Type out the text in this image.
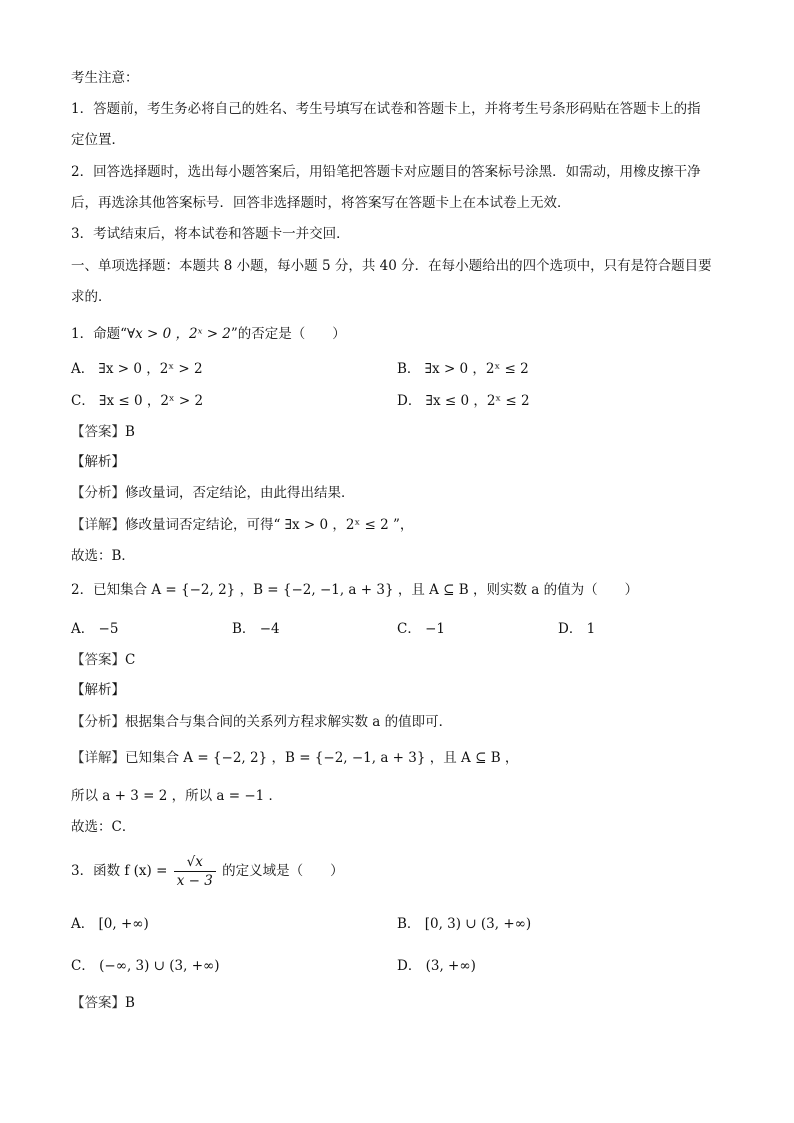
考生注意：
1．答题前，考生务必将自己的姓名、考生号填写在试卷和答题卡上，并将考生号条形码贴在答题卡上的指
定位置．
2．回答选择题时，选出每小题答案后，用铅笔把答题卡对应题目的答案标号涂黑．如需动，用橡皮擦干净
后，再选涂其他答案标号．回答非选择题时，将答案写在答题卡上在本试卷上无效．
3．考试结束后，将本试卷和答题卡一并交回．
一、单项选择题：本题共 8 小题，每小题 5 分，共 40 分．在每小题给出的四个选项中，只有是符合题目要
求的．
1．命题“∀x > 0 ，2ˣ > 2”的否定是（　　）
A． ∃x > 0 ，2ˣ > 2	B． ∃x > 0 ，2ˣ ≤ 2
C． ∃x ≤ 0 ，2ˣ > 2	D． ∃x ≤ 0 ，2ˣ ≤ 2
【答案】B
【解析】
【分析】修改量词，否定结论，由此得出结果．
【详解】修改量词否定结论，可得“ ∃x > 0 ，2ˣ ≤ 2 ”，
故选：B．
2．已知集合 A = {−2, 2} ，B = {−2, −1, a + 3} ，且 A ⊆ B ，则实数 a 的值为（　　）
A． −5	B． −4	C． −1	D． 1
【答案】C
【解析】
【分析】根据集合与集合间的关系列方程求解实数 a 的值即可．
【详解】已知集合 A = {−2, 2} ，B = {−2, −1, a + 3} ，且 A ⊆ B ，
所以 a + 3 = 2 ，所以 a = −1 ．
故选：C．
3．函数 f $(x) = \frac{√x}{x - 3}$ 的定义域是（　　）
A． [0, +∞)	B． [0, 3) ∪ (3, +∞)
C． (−∞, 3) ∪ (3, +∞)	D． (3, +∞)
【答案】B
